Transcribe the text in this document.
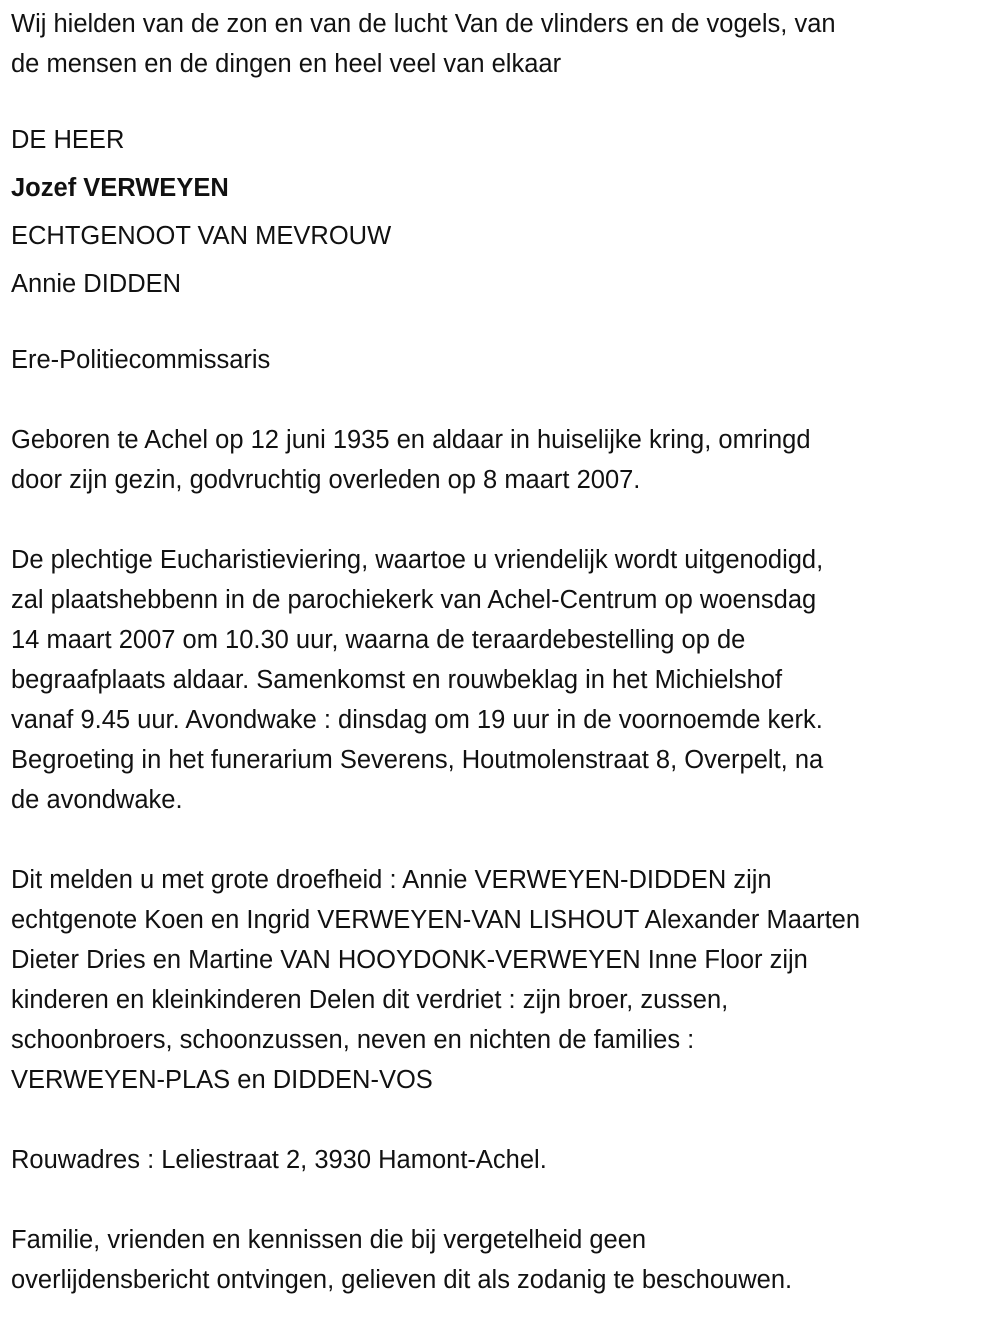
Wij hielden van de zon en van de lucht Van de vlinders en de vogels, van
de mensen en de dingen en heel veel van elkaar
DE HEER
Jozef VERWEYEN
ECHTGENOOT VAN MEVROUW
Annie DIDDEN
Ere-Politiecommissaris
Geboren te Achel op 12 juni 1935 en aldaar in huiselijke kring, omringd
door zijn gezin, godvruchtig overleden op 8 maart 2007.
De plechtige Eucharistieviering, waartoe u vriendelijk wordt uitgenodigd,
zal plaatshebbenn in de parochiekerk van Achel-Centrum op woensdag
14 maart 2007 om 10.30 uur, waarna de teraardebestelling op de
begraafplaats aldaar. Samenkomst en rouwbeklag in het Michielshof
vanaf 9.45 uur. Avondwake : dinsdag om 19 uur in de voornoemde kerk.
Begroeting in het funerarium Severens, Houtmolenstraat 8, Overpelt, na
de avondwake.
Dit melden u met grote droefheid : Annie VERWEYEN-DIDDEN zijn
echtgenote Koen en Ingrid VERWEYEN-VAN LISHOUT Alexander Maarten
Dieter Dries en Martine VAN HOOYDONK-VERWEYEN Inne Floor zijn
kinderen en kleinkinderen Delen dit verdriet : zijn broer, zussen,
schoonbroers, schoonzussen, neven en nichten de families :
VERWEYEN-PLAS en DIDDEN-VOS
Rouwadres : Leliestraat 2, 3930 Hamont-Achel.
Familie, vrienden en kennissen die bij vergetelheid geen
overlijdensbericht ontvingen, gelieven dit als zodanig te beschouwen.
